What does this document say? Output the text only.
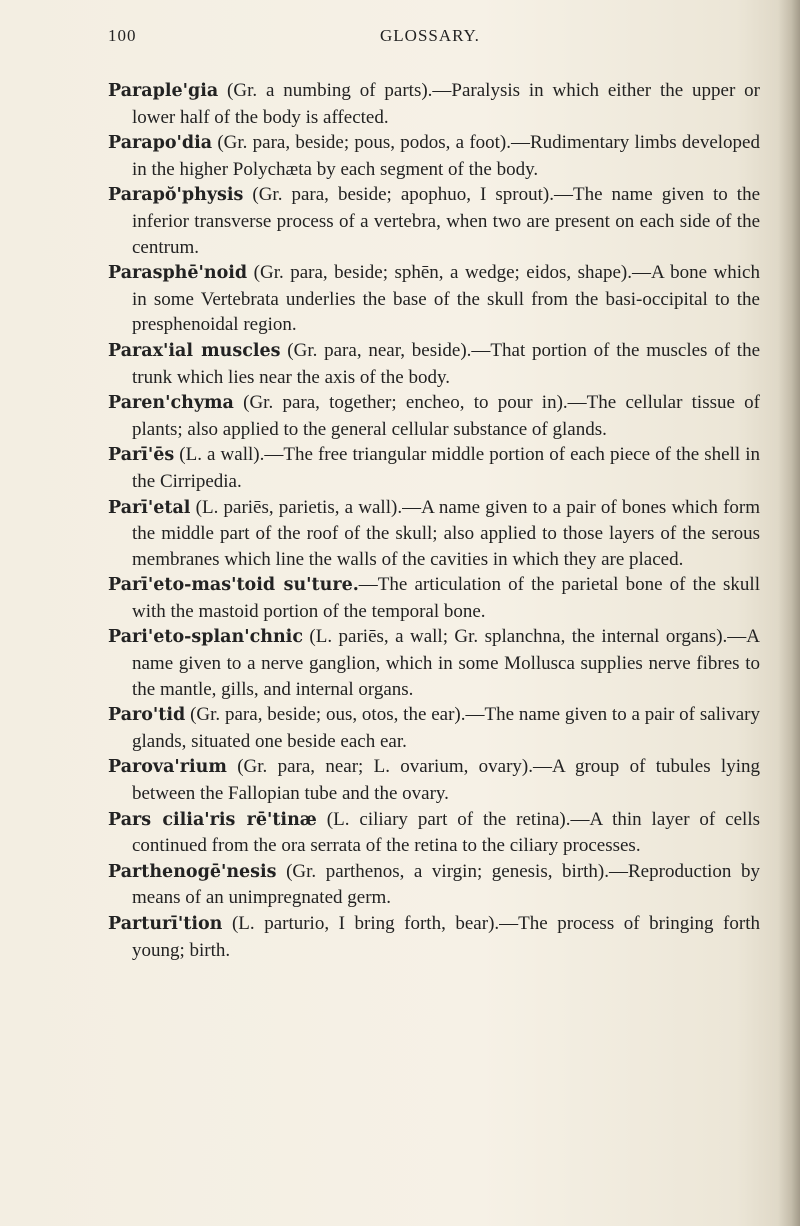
100	GLOSSARY.

Paraple'gia (Gr. a numbing of parts).—Paralysis in which either the upper or lower half of the body is affected.

Parapo'dia (Gr. para, beside; pous, podos, a foot).—Rudimentary limbs developed in the higher Polychæta by each segment of the body.

Parapŏ'physis (Gr. para, beside; apophuo, I sprout).—The name given to the inferior transverse process of a vertebra, when two are present on each side of the centrum.

Parasphē'noid (Gr. para, beside; sphēn, a wedge; eidos, shape).—A bone which in some Vertebrata underlies the base of the skull from the basi-occipital to the presphenoidal region.

Parax'ial muscles (Gr. para, near, beside).—That portion of the muscles of the trunk which lies near the axis of the body.

Paren'chyma (Gr. para, together; encheo, to pour in).—The cellular tissue of plants; also applied to the general cellular substance of glands.

Parī'ēs (L. a wall).—The free triangular middle portion of each piece of the shell in the Cirripedia.

Parī'etal (L. pariēs, parietis, a wall).—A name given to a pair of bones which form the middle part of the roof of the skull; also applied to those layers of the serous membranes which line the walls of the cavities in which they are placed.

Parī'eto-mas'toid su'ture.—The articulation of the parietal bone of the skull with the mastoid portion of the temporal bone.

Pari'eto-splan'chnic (L. pariēs, a wall; Gr. splanchna, the internal organs).—A name given to a nerve ganglion, which in some Mollusca supplies nerve fibres to the mantle, gills, and internal organs.

Paro'tid (Gr. para, beside; ous, otos, the ear).—The name given to a pair of salivary glands, situated one beside each ear.

Parova'rium (Gr. para, near; L. ovarium, ovary).—A group of tubules lying between the Fallopian tube and the ovary.

Pars cilia'ris rē'tinæ (L. ciliary part of the retina).—A thin layer of cells continued from the ora serrata of the retina to the ciliary processes.

Parthenogē'nesis (Gr. parthenos, a virgin; genesis, birth).—Reproduction by means of an unimpregnated germ.

Parturī'tion (L. parturio, I bring forth, bear).—The process of bringing forth young; birth.
